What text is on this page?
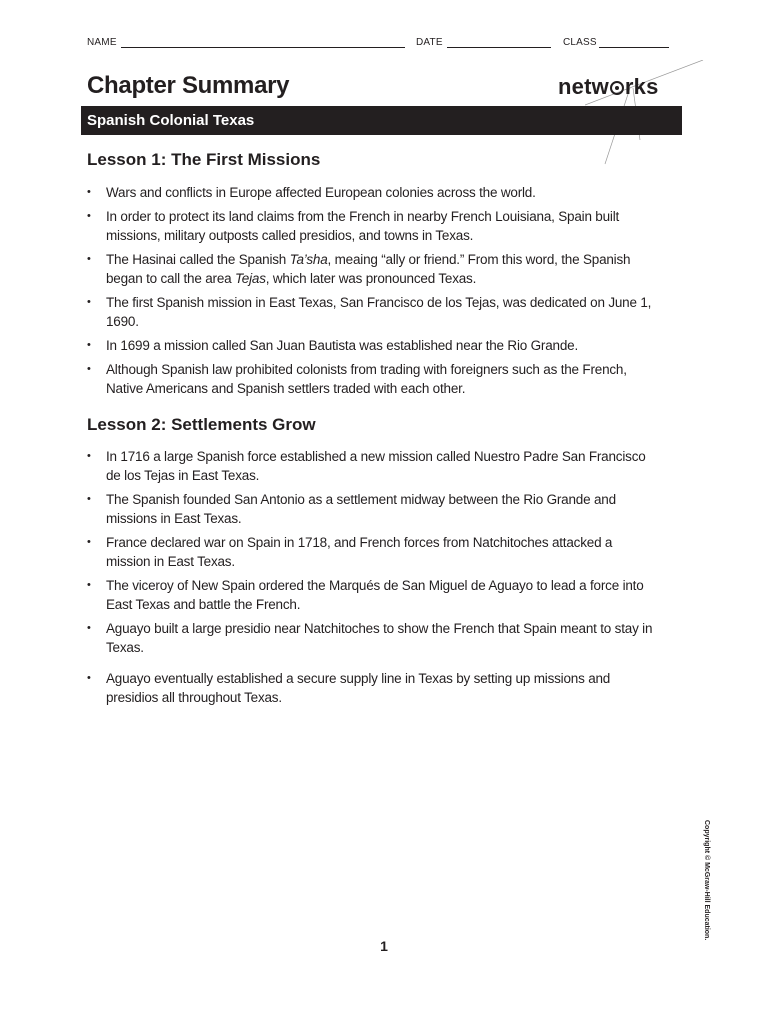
NAME	DATE	CLASS
Chapter Summary	netw rks
Spanish Colonial Texas
Lesson 1: The First Missions
• Wars and conflicts in Europe affected European colonies across the world.
• In order to protect its land claims from the French in nearby French Louisiana, Spain built missions, military outposts called presidios, and towns in Texas.
• The Hasinai called the Spanish Ta’sha, meaing “ally or friend.” From this word, the Spanish began to call the area Tejas, which later was pronounced Texas.
• The first Spanish mission in East Texas, San Francisco de los Tejas, was dedicated on June 1, 1690.
• In 1699 a mission called San Juan Bautista was established near the Rio Grande.
• Although Spanish law prohibited colonists from trading with foreigners such as the French, Native Americans and Spanish settlers traded with each other.
Lesson 2: Settlements Grow
• In 1716 a large Spanish force established a new mission called Nuestro Padre San Francisco de los Tejas in East Texas.
• The Spanish founded San Antonio as a settlement midway between the Rio Grande and missions in East Texas.
• France declared war on Spain in 1718, and French forces from Natchitoches attacked a mission in East Texas.
• The viceroy of New Spain ordered the Marqués de San Miguel de Aguayo to lead a force into East Texas and battle the French.
• Aguayo built a large presidio near Natchitoches to show the French that Spain meant to stay in Texas.
• Aguayo eventually established a secure supply line in Texas by setting up missions and presidios all throughout Texas.
Copyright © McGraw-Hill Education.
1
